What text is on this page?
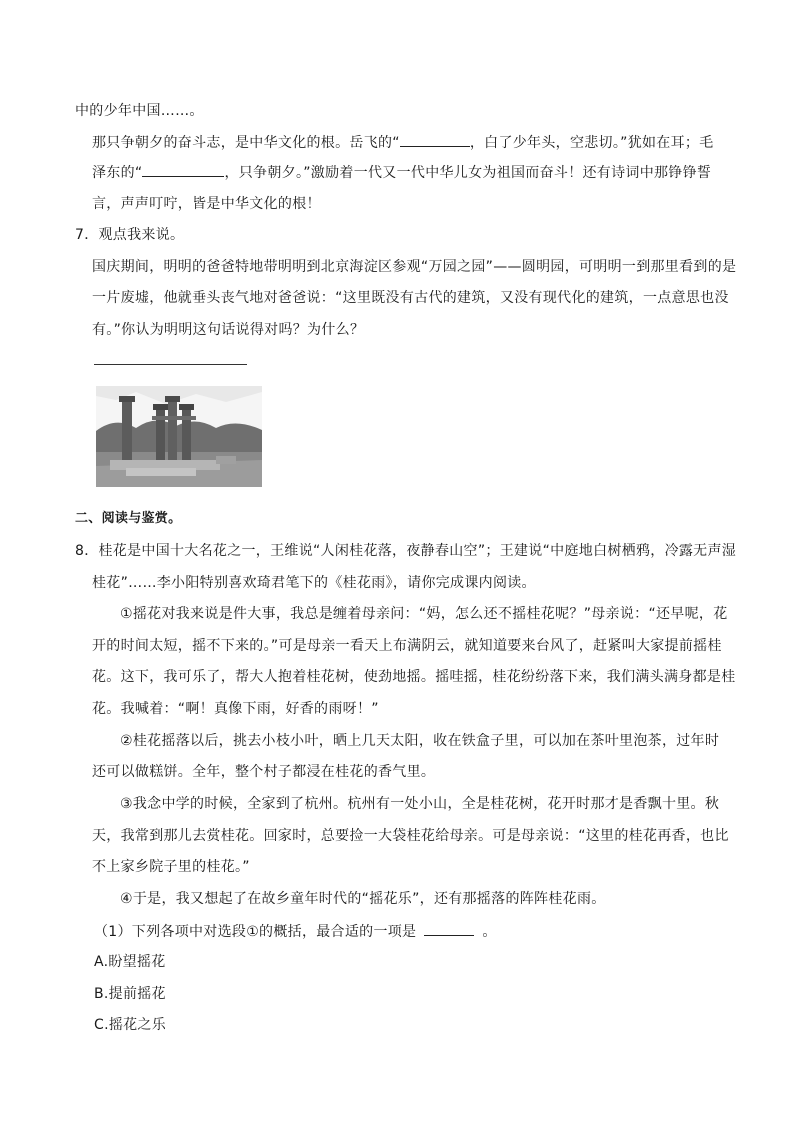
中的少年中国……。
那只争朝夕的奋斗志，是中华文化的根。岳飞的“	，白了少年头，空悲切。”犹如在耳；毛
泽东的“	，只争朝夕。”激励着一代又一代中华儿女为祖国而奋斗！还有诗词中那铮铮誓
言，声声叮咛，皆是中华文化的根！
7．观点我来说。
国庆期间，明明的爸爸特地带明明到北京海淀区参观“万园之园”——圆明园，可明明一到那里看到的是
一片废墟，他就垂头丧气地对爸爸说：“这里既没有古代的建筑，又没有现代化的建筑，一点意思也没
有。”你认为明明这句话说得对吗？为什么？
二、阅读与鉴赏。
8．桂花是中国十大名花之一，王维说“人闲桂花落，夜静春山空”；王建说“中庭地白树栖鸦，冷露无声湿
桂花”……李小阳特别喜欢琦君笔下的《桂花雨》，请你完成课内阅读。
①摇花对我来说是件大事，我总是缠着母亲问：“妈，怎么还不摇桂花呢？”母亲说：“还早呢，花
开的时间太短，摇不下来的。”可是母亲一看天上布满阴云，就知道要来台风了，赶紧叫大家提前摇桂
花。这下，我可乐了，帮大人抱着桂花树，使劲地摇。摇哇摇，桂花纷纷落下来，我们满头满身都是桂
花。我喊着：“啊！真像下雨，好香的雨呀！”
②桂花摇落以后，挑去小枝小叶，晒上几天太阳，收在铁盒子里，可以加在茶叶里泡茶，过年时
还可以做糕饼。全年，整个村子都浸在桂花的香气里。
③我念中学的时候，全家到了杭州。杭州有一处小山，全是桂花树，花开时那才是香飘十里。秋
天，我常到那儿去赏桂花。回家时，总要捡一大袋桂花给母亲。可是母亲说：“这里的桂花再香，也比
不上家乡院子里的桂花。”
④于是，我又想起了在故乡童年时代的“摇花乐”，还有那摇落的阵阵桂花雨。
（1）下列各项中对选段①的概括，最合适的一项是	。
A.盼望摇花
B.提前摇花
C.摇花之乐
